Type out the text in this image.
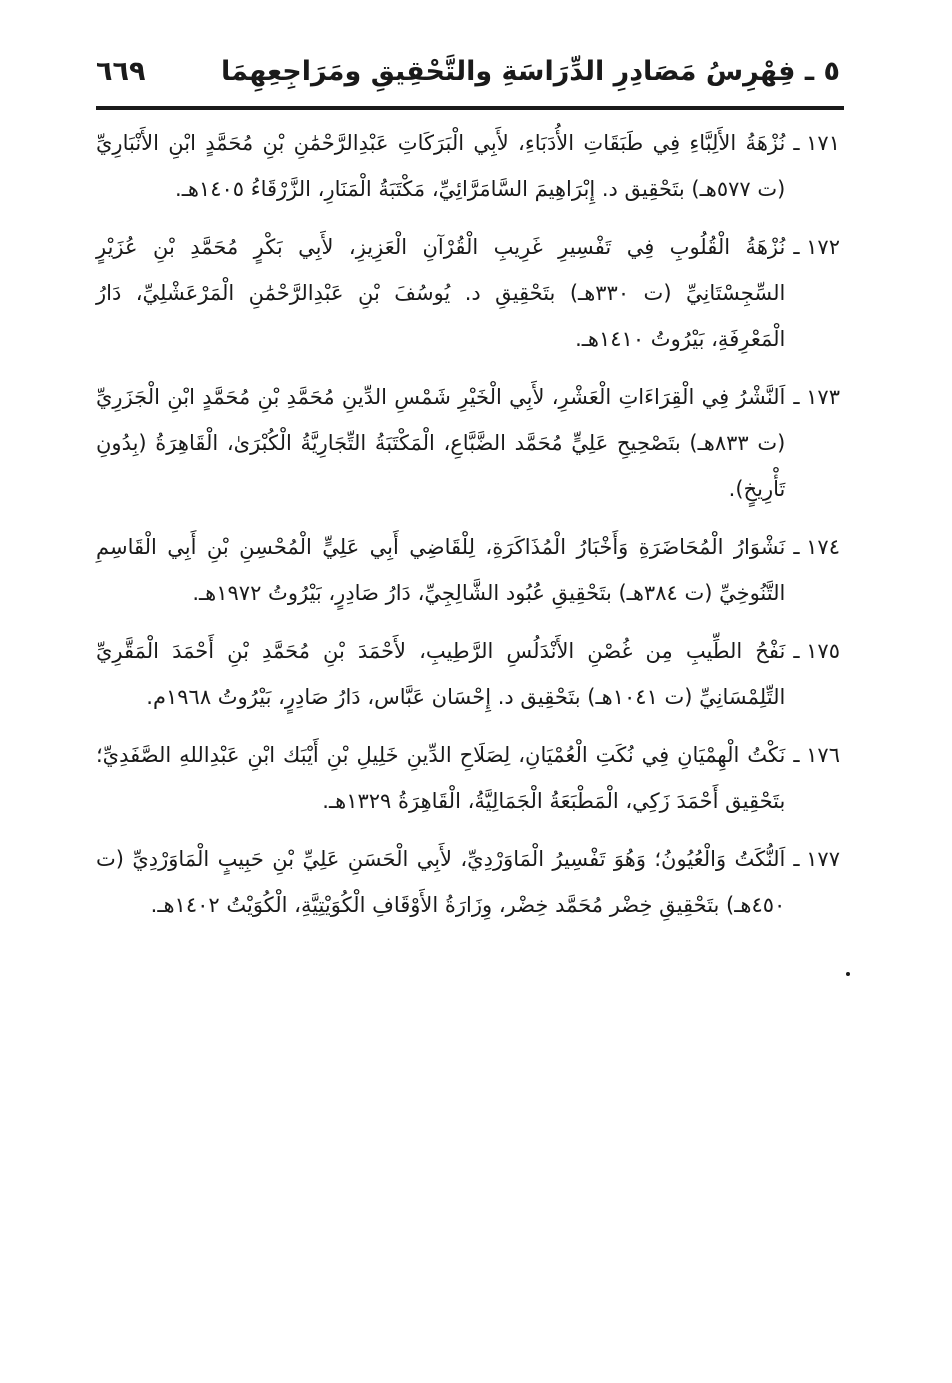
٥ ـ فِهْرِسُ مَصَادِرِ الدِّرَاسَةِ والتَّحْقِيقِ ومَرَاجِعِهِمَا
٦٦٩
١٧١ ـ
نُزْهَةُ الأَلِبَّاءِ فِي طَبَقَاتِ الأُدَبَاءِ، لأَبِي الْبَرَكَاتِ عَبْدِالرَّحْمَٰنِ بْنِ مُحَمَّدٍ ابْنِ الأَنْبَارِيِّ (ت ٥٧٧هـ) بتَحْقِيق د. إِبْرَاهِيمَ السَّامَرَّائِيِّ، مَكْتَبَةُ الْمَنَارِ، الزَّرْقَاءُ ١٤٠٥هـ.
١٧٢ ـ
نُزْهَةُ الْقُلُوبِ فِي تَفْسِيرِ غَرِيبِ الْقُرْآنِ الْعَزِيزِ، لأَبِي بَكْرٍ مُحَمَّدِ بْنِ عُزَيْرٍ السِّجِسْتَانِيِّ (ت ٣٣٠هـ) بتَحْقِيقِ د. يُوسُفَ بْنِ عَبْدِالرَّحْمَٰنِ الْمَرْعَشْلِيِّ، دَارُ الْمَعْرِفَةِ، بَيْرُوتُ ١٤١٠هـ.
١٧٣ ـ
اَلنَّشْرُ فِي الْقِرَاءَاتِ الْعَشْرِ، لأَبِي الْخَيْرِ شَمْسِ الدِّينِ مُحَمَّدِ بْنِ مُحَمَّدٍ ابْنِ الْجَزَرِيِّ (ت ٨٣٣هـ) بتَصْحِيحِ عَلِيٍّ مُحَمَّد الضَّبَّاعِ، الْمَكْتَبَةُ التِّجَارِيَّةُ الْكُبْرَىٰ، الْقَاهِرَةُ (بِدُونِ تَأْرِيخٍ).
١٧٤ ـ
نَشْوَارُ الْمُحَاضَرَةِ وَأَخْبَارُ الْمُذَاكَرَةِ، لِلْقَاضِي أَبِي عَلِيٍّ الْمُحْسِنِ بْنِ أَبِي الْقَاسِمِ التَّنُوخِيِّ (ت ٣٨٤هـ) بتَحْقِيقِ عُبُود الشَّالِجِيِّ، دَارُ صَادِرٍ، بَيْرُوتُ ١٩٧٢هـ.
١٧٥ ـ
نَفْحُ الطِّيبِ مِن غُصْنِ الأَنْدَلُسِ الرَّطِيبِ، لأَحْمَدَ بْنِ مُحَمَّدِ بْنِ أَحْمَدَ الْمَقَّرِيِّ التِّلِمْسَانِيِّ (ت ١٠٤١هـ) بتَحْقِيق د. إِحْسَان عَبَّاس، دَارُ صَادِرٍ، بَيْرُوتُ ١٩٦٨م.
١٧٦ ـ
نَكْتُ الْهِمْيَانِ فِي نُكَتِ الْعُمْيَانِ، لِصَلَاحِ الدِّينِ خَلِيلِ بْنِ أَيْبَك ابْنِ عَبْدِاللهِ الصَّفَدِيِّ؛ بتَحْقِيق أَحْمَدَ زَكِي، الْمَطْبَعَةُ الْجَمَالِيَّةُ، الْقَاهِرَةُ ١٣٢٩هـ.
١٧٧ ـ
اَلنُّكَتُ وَالْعُيُونُ؛ وَهُوَ تَفْسِيرُ الْمَاوَرْدِيِّ، لأَبِي الْحَسَنِ عَلِيِّ بْنِ حَبِيبٍ الْمَاوَرْدِيِّ (ت ٤٥٠هـ) بتَحْقِيقِ خِضْر مُحَمَّد خِضْر، وِزَارَةُ الأَوْقَافِ الْكُوَيْتِيَّةِ، الْكُوَيْتُ ١٤٠٢هـ.
